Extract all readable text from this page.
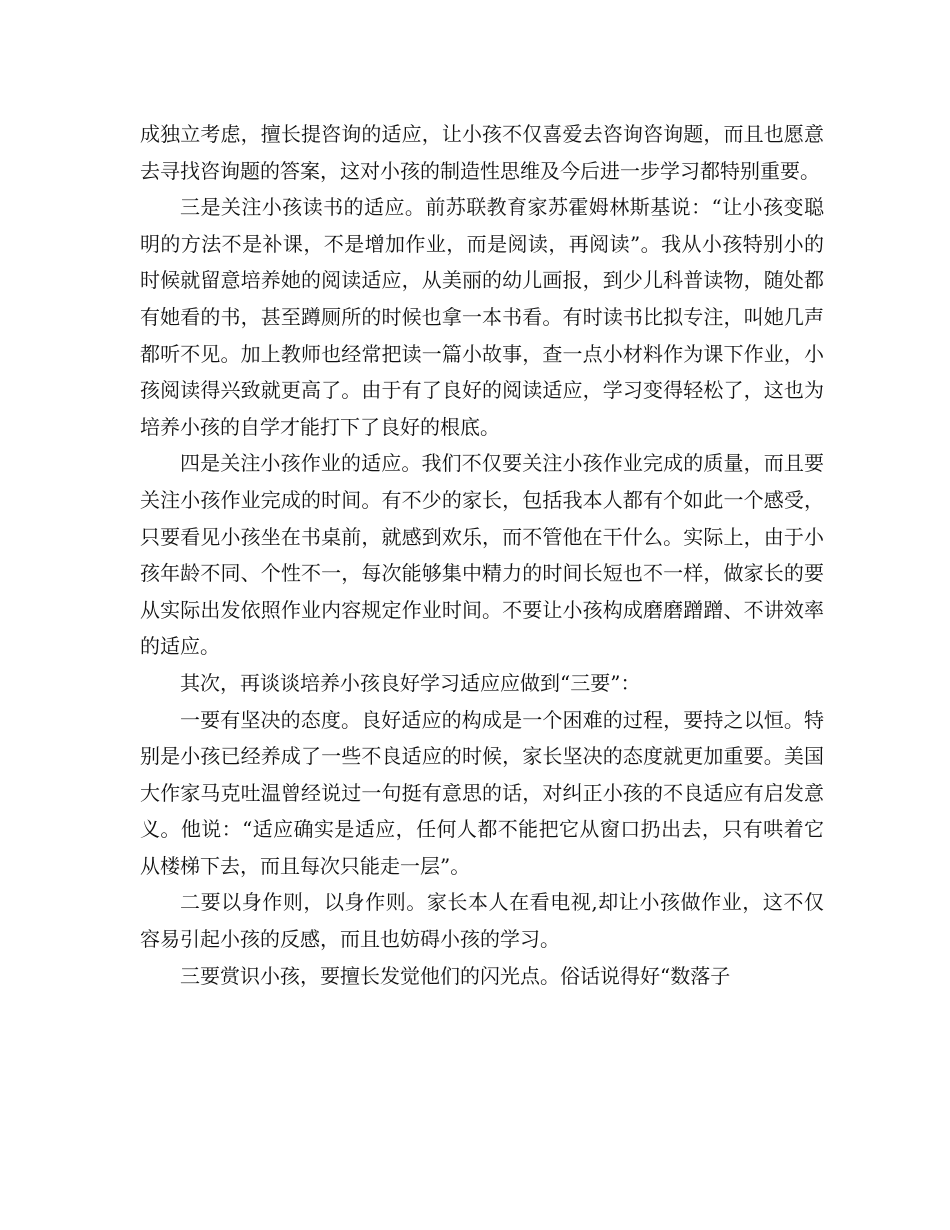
成独立考虑，擅长提咨询的适应，让小孩不仅喜爱去咨询咨询题，而且也愿意去寻找咨询题的答案，这对小孩的制造性思维及今后进一步学习都特别重要。

三是关注小孩读书的适应。前苏联教育家苏霍姆林斯基说：“让小孩变聪明的方法不是补课，不是增加作业，而是阅读，再阅读”。我从小孩特别小的时候就留意培养她的阅读适应，从美丽的幼儿画报，到少儿科普读物，随处都有她看的书，甚至蹲厕所的时候也拿一本书看。有时读书比拟专注，叫她几声都听不见。加上教师也经常把读一篇小故事，查一点小材料作为课下作业，小孩阅读得兴致就更高了。由于有了良好的阅读适应，学习变得轻松了，这也为培养小孩的自学才能打下了良好的根底。

四是关注小孩作业的适应。我们不仅要关注小孩作业完成的质量，而且要关注小孩作业完成的时间。有不少的家长，包括我本人都有个如此一个感受，只要看见小孩坐在书桌前，就感到欢乐，而不管他在干什么。实际上，由于小孩年龄不同、个性不一，每次能够集中精力的时间长短也不一样，做家长的要从实际出发依照作业内容规定作业时间。不要让小孩构成磨磨蹭蹭、不讲效率的适应。

其次，再谈谈培养小孩良好学习适应应做到“三要”：

一要有坚决的态度。良好适应的构成是一个困难的过程，要持之以恒。特别是小孩已经养成了一些不良适应的时候，家长坚决的态度就更加重要。美国大作家马克吐温曾经说过一句挺有意思的话，对纠正小孩的不良适应有启发意义。他说：“适应确实是适应，任何人都不能把它从窗口扔出去，只有哄着它从楼梯下去，而且每次只能走一层”。

二要以身作则，以身作则。家长本人在看电视,却让小孩做作业，这不仅容易引起小孩的反感，而且也妨碍小孩的学习。

三要赏识小孩，要擅长发觉他们的闪光点。俗话说得好“数落子
